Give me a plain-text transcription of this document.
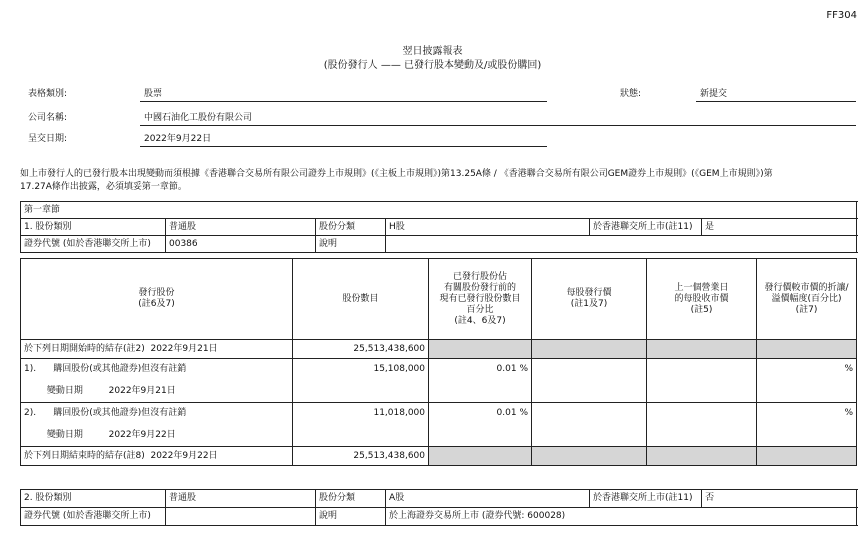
FF304
翌日披露報表
(股份發行人 —— 已發行股本變動及/或股份購回)
表格類別:	股票	狀態:	新提交
公司名稱:	中國石油化工股份有限公司
呈交日期:	2022年9月22日
如上市發行人的已發行股本出現變動而須根據《香港聯合交易所有限公司證券上市規則》(《主板上市規則》)第13.25A條 / 《香港聯合交易所有限公司GEM證券上市規則》(《GEM上市規則》)第
17.27A條作出披露，必須填妥第一章節。
第一章節					
1. 股份類別	普通股	股份分類	H股	於香港聯交所上市(註11)	是
證券代號 (如於香港聯交所上市)	00386	說明			
發行股份
(註6及7)	股份數目	已發行股份佔
有關股份發行前的
現有已發行股份數目
百分比
(註4、6及7)	每股發行價
(註1及7)	上一個營業日
的每股收市價
(註5)	發行價較市價的折讓/
溢價幅度(百分比)
(註7)
於下列日期開始時的結存(註2) 2022年9月21日	25,513,438,600				
1). 購回股份(或其他證券)但沒有註銷

變動日期 2022年9月21日	15,108,000	0.01 %			%
2). 購回股份(或其他證券)但沒有註銷

變動日期 2022年9月22日	11,018,000	0.01 %			%
於下列日期結束時的結存(註8) 2022年9月22日	25,513,438,600				
2. 股份類別	普通股	股份分類	A股	於香港聯交所上市(註11)	否
證券代號 (如於香港聯交所上市)		說明	於上海證券交易所上市 (證券代號: 600028)		
